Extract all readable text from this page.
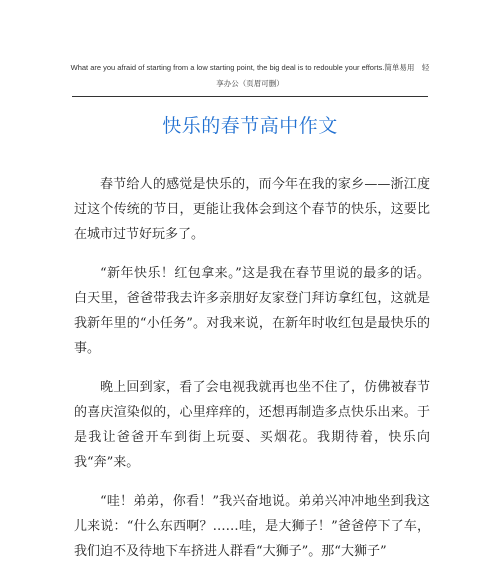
What are you afraid of starting from a low starting point, the big deal is to redouble your efforts.简单易用　轻享办公（页眉可删）
快乐的春节高中作文

春节给人的感觉是快乐的，而今年在我的家乡——浙江度过这个传统的节日，更能让我体会到这个春节的快乐，这要比在城市过节好玩多了。

“新年快乐！红包拿来。”这是我在春节里说的最多的话。白天里，爸爸带我去许多亲朋好友家登门拜访拿红包，这就是我新年里的“小任务”。对我来说，在新年时收红包是最快乐的事。

晚上回到家，看了会电视我就再也坐不住了，仿佛被春节的喜庆渲染似的，心里痒痒的，还想再制造多点快乐出来。于是我让爸爸开车到街上玩耍、买烟花。我期待着，快乐向我“奔”来。

“哇！弟弟，你看！”我兴奋地说。弟弟兴冲冲地坐到我这儿来说：“什么东西啊？……哇，是大狮子！”爸爸停下了车，我们迫不及待地下车挤进人群看“大狮子”。那“大狮子”
